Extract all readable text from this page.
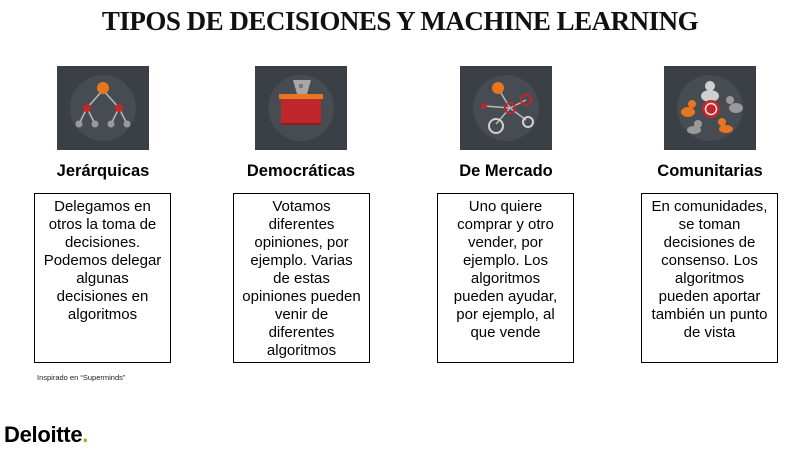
TIPOS DE DECISIONES Y MACHINE LEARNING
Jerárquicas
Delegamos en otros la toma de decisiones. Podemos delegar algunas decisiones en algoritmos
Democráticas
Votamos diferentes opiniones, por ejemplo. Varias de estas opiniones pueden venir de diferentes algoritmos
De Mercado
Uno quiere comprar y otro vender, por ejemplo. Los algoritmos pueden ayudar, por ejemplo, al que vende
Comunitarias
En comunidades, se toman decisiones de consenso. Los algoritmos pueden aportar también un punto de vista
Inspirado en “Superminds”
Deloitte.
